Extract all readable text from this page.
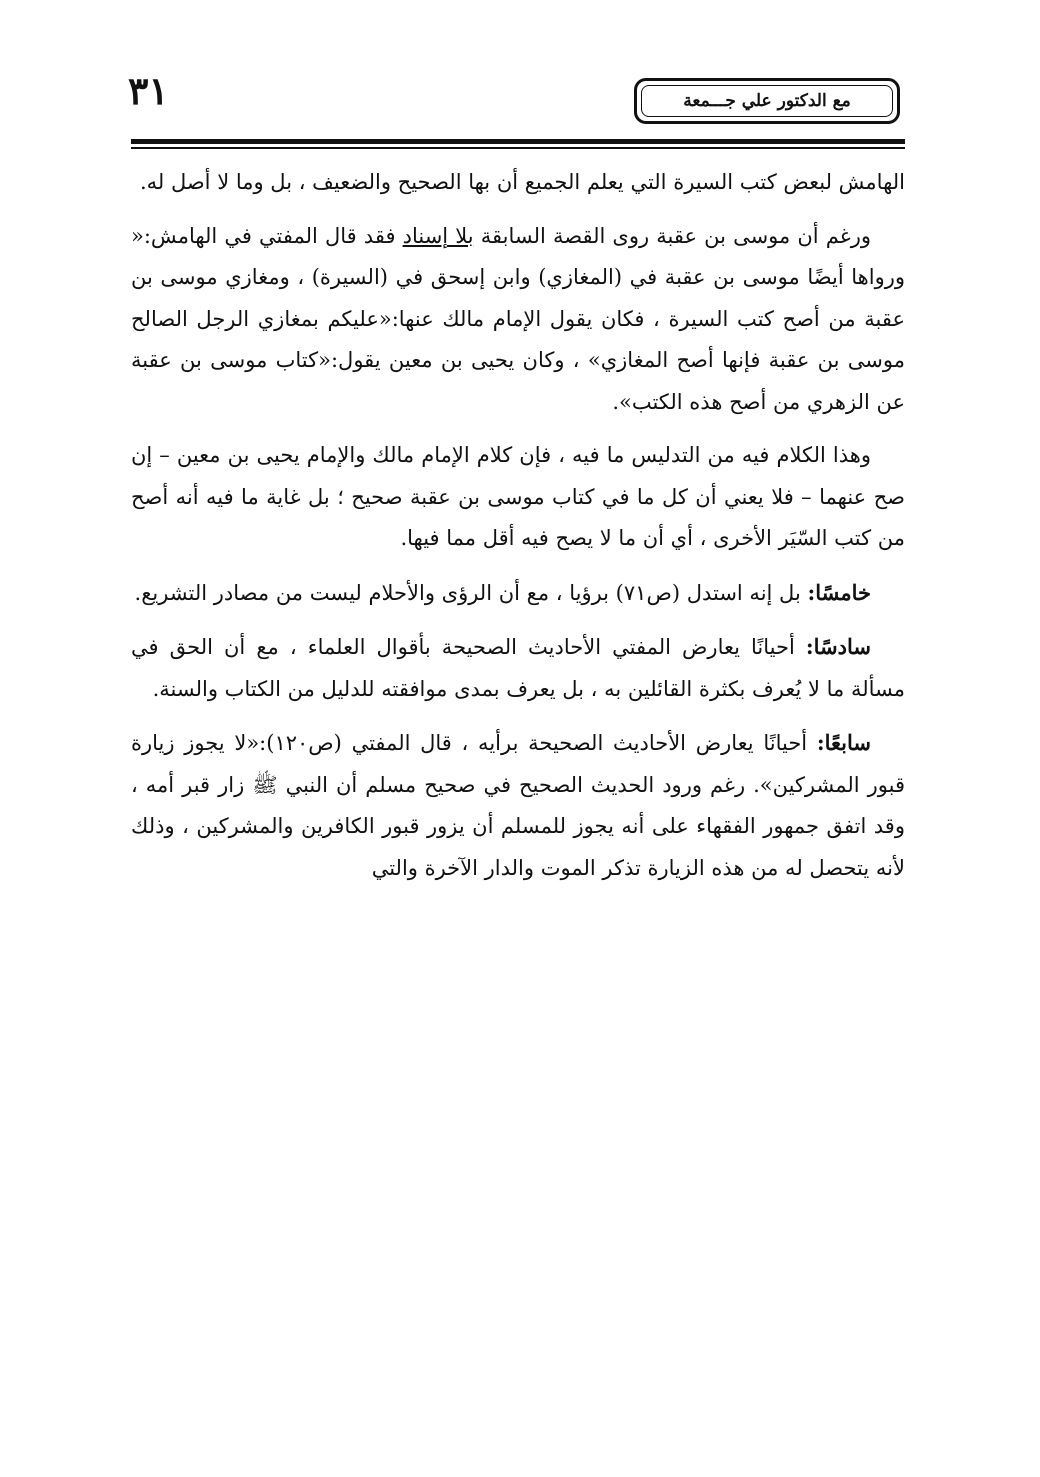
٣١	مع الدكتور علي جـــمعة

الهامش لبعض كتب السيرة التي يعلم الجميع أن بها الصحيح والضعيف ، بل وما لا أصل له.

ورغم أن موسى بن عقبة روى القصة السابقة بلا إسناد فقد قال المفتي في الهامش:« ورواها أيضًا موسى بن عقبة في (المغازي) وابن إسحق في (السيرة) ، ومغازي موسى بن عقبة من أصح كتب السيرة ، فكان يقول الإمام مالك عنها:«عليكم بمغازي الرجل الصالح موسى بن عقبة فإنها أصح المغازي» ، وكان يحيى بن معين يقول:«كتاب موسى بن عقبة عن الزهري من أصح هذه الكتب».

وهذا الكلام فيه من التدليس ما فيه ، فإن كلام الإمام مالك والإمام يحيى بن معين – إن صح عنهما – فلا يعني أن كل ما في كتاب موسى بن عقبة صحيح ؛ بل غاية ما فيه أنه أصح من كتب السّيَر الأخرى ، أي أن ما لا يصح فيه أقل مما فيها.

خامسًا: بل إنه استدل (ص٧١) برؤيا ، مع أن الرؤى والأحلام ليست من مصادر التشريع.

سادسًا: أحيانًا يعارض المفتي الأحاديث الصحيحة بأقوال العلماء ، مع أن الحق في مسألة ما لا يُعرف بكثرة القائلين به ، بل يعرف بمدى موافقته للدليل من الكتاب والسنة.

سابعًا: أحيانًا يعارض الأحاديث الصحيحة برأيه ، قال المفتي (ص١٢٠):«لا يجوز زيارة قبور المشركين». رغم ورود الحديث الصحيح في صحيح مسلم أن النبي ﷺ زار قبر أمه ، وقد اتفق جمهور الفقهاء على أنه يجوز للمسلم أن يزور قبور الكافرين والمشركين ، وذلك لأنه يتحصل له من هذه الزيارة تذكر الموت والدار الآخرة والتي
